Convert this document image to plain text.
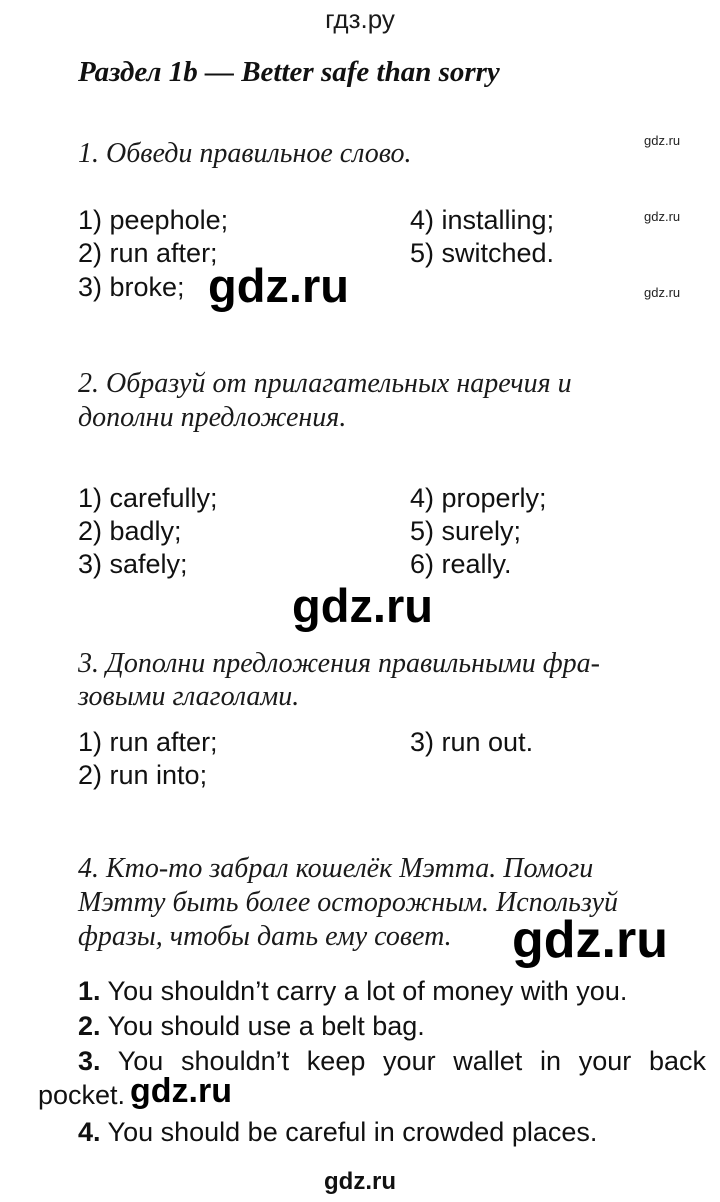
гдз.ру
Раздел 1b — Better safe than sorry
1. Обведи правильное слово.	gdz.ru
1) peephole;
2) run after;
3) broke;
4) installing;
5) switched.
gdz.ru
gdz.ru
gdz.ru
2. Образуй от прилагательных наречия и
дополни предложения.
1) carefully;
2) badly;
3) safely;
4) properly;
5) surely;
6) really.
gdz.ru
3. Дополни предложения правильными фра-
зовыми глаголами.
1) run after;
2) run into;
3) run out.
4. Кто-то забрал кошелёк Мэтта. Помоги
Мэтту быть более осторожным. Используй
фразы, чтобы дать ему совет. gdz.ru
1. You shouldn’t carry a lot of money with you.
2. You should use a belt bag.
3. You shouldn’t keep your wallet in your back
pocket. gdz.ru
4. You should be careful in crowded places.
gdz.ru
